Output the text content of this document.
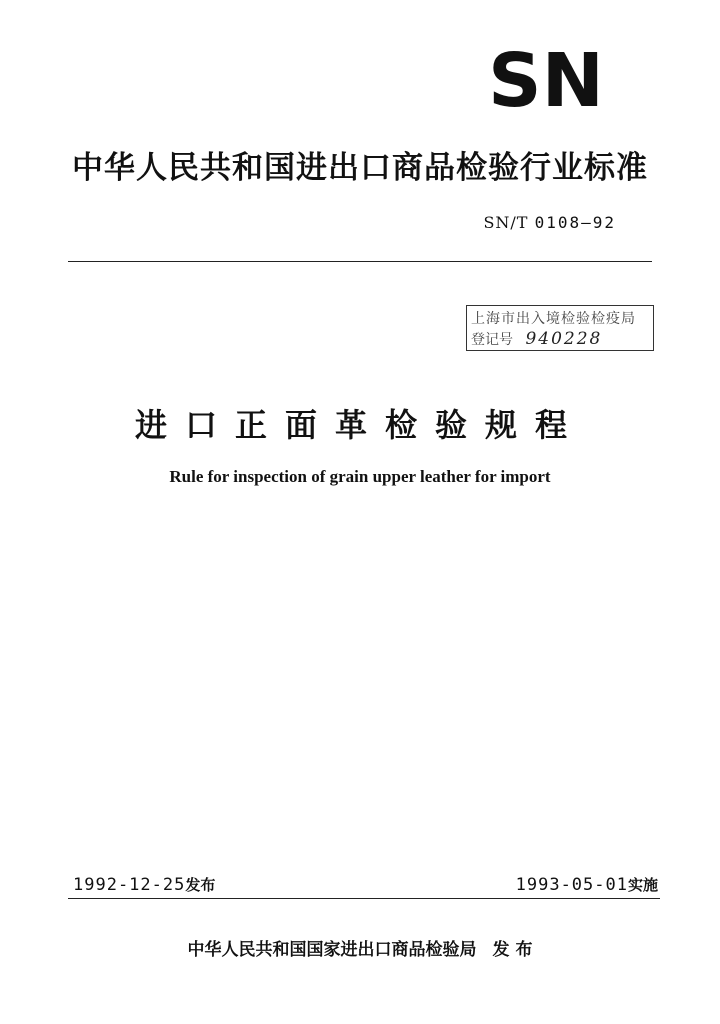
SN
中华人民共和国进出口商品检验行业标准
SN/T 0108—92
上海市出入境检验检疫局
登记号 940228
进口正面革检验规程
Rule for inspection of grain upper leather for import
1992-12-25发布	1993-05-01实施
中华人民共和国国家进出口商品检验局 发 布
